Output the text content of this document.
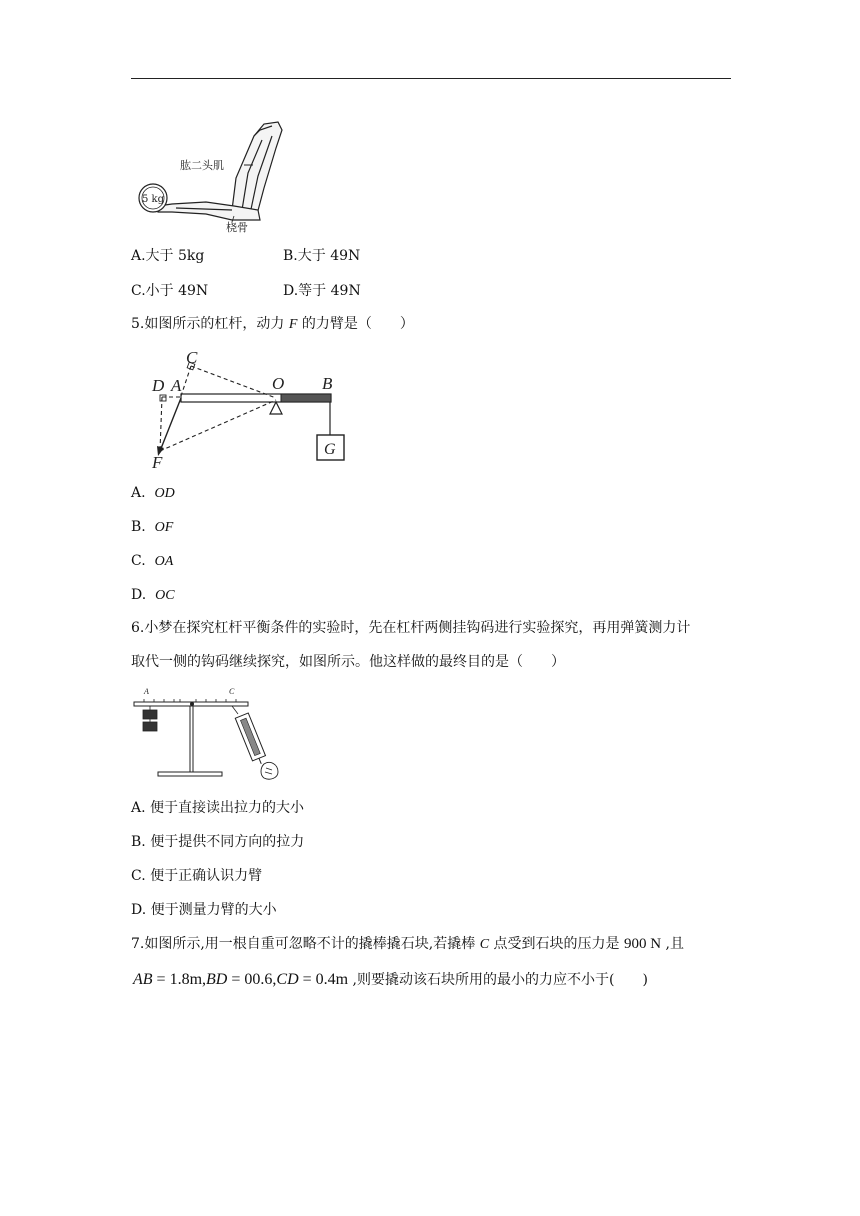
肱二头肌
5 kg
桡骨
A.大于 5kg	B.大于 49N
C.小于 49N	D.等于 49N
5.如图所示的杠杆，动力 F 的力臂是（　　）
C
D A	O B
F
G
A. OD
B. OF
C. OA
D. OC
6.小梦在探究杠杆平衡条件的实验时，先在杠杆两侧挂钩码进行实验探究，再用弹簧测力计
取代一侧的钩码继续探究，如图所示。他这样做的最终目的是（　　）
A	C
A. 便于直接读出拉力的大小
B. 便于提供不同方向的拉力
C. 便于正确认识力臂
D. 便于测量力臂的大小
7.如图所示,用一根自重可忽略不计的撬棒撬石块,若撬棒 C 点受到石块的压力是 900 N ,且
AB = 1.8m,BD = 00.6,CD = 0.4m ,则要撬动该石块所用的最小的力应不小于(　　)
